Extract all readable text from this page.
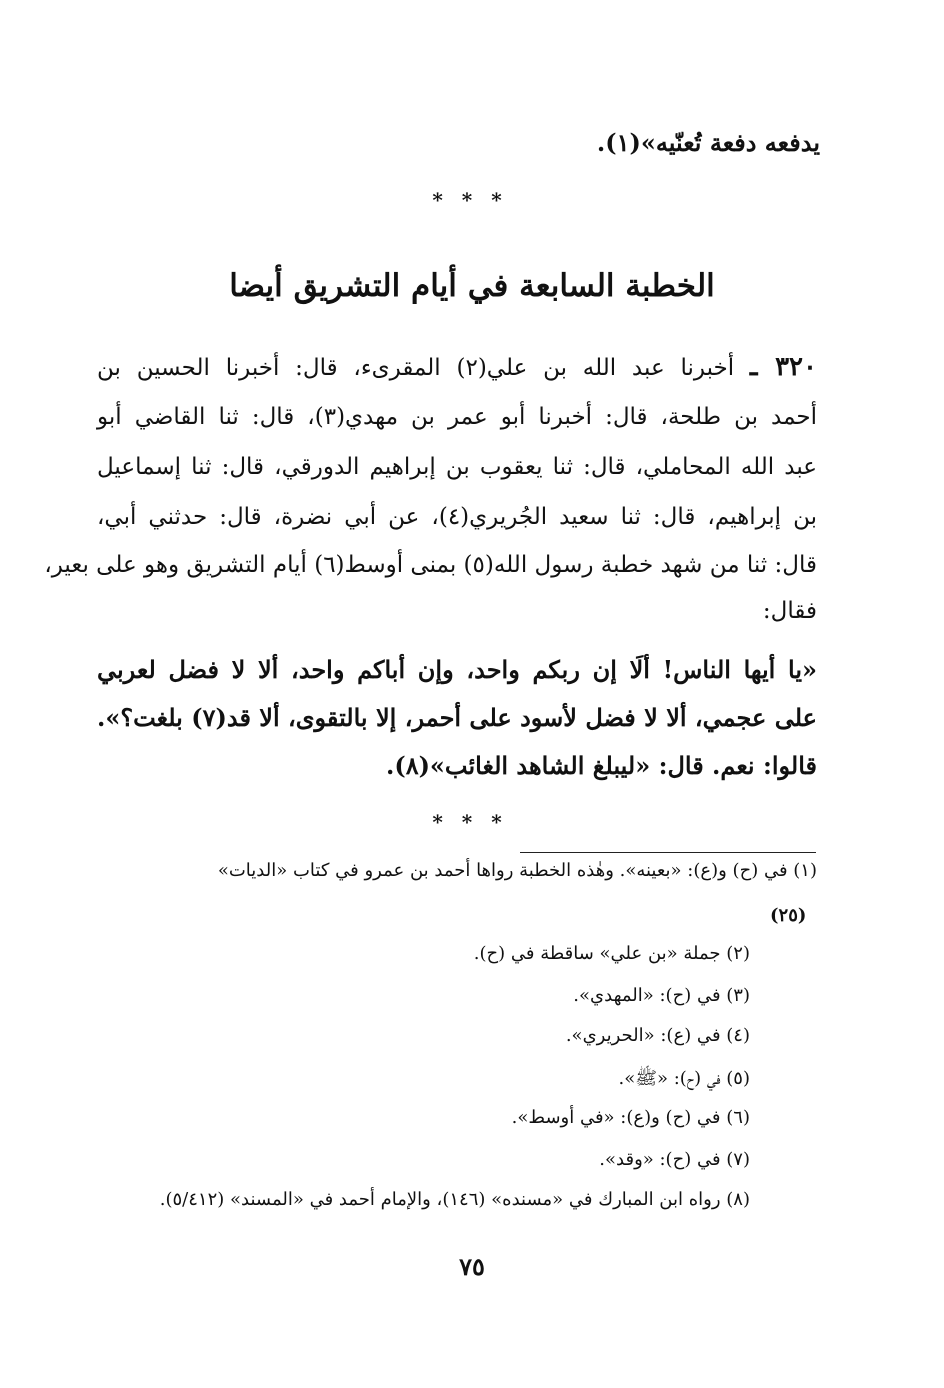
يدفعه دفعة تُعنّيه»(١).
* * *
الخطبة السابعة في أيام التشريق أيضا
٣٢٠ ـ أخبرنا عبد الله بن علي(٢) المقرىء، قال: أخبرنا الحسين بن
أحمد بن طلحة، قال: أخبرنا أبو عمر بن مهدي(٣)، قال: ثنا القاضي أبو
عبد الله المحاملي، قال: ثنا يعقوب بن إبراهيم الدورقي، قال: ثنا إسماعيل
بن إبراهيم، قال: ثنا سعيد الجُريري(٤)، عن أبي نضرة، قال: حدثني أبي،
قال: ثنا من شهد خطبة رسول الله(٥) بمنى أوسط(٦) أيام التشريق وهو على بعير،
فقال:
«يا أيها الناس! ألَا إن ربكم واحد، وإن أباكم واحد، ألا لا فضل لعربي
على عجمي، ألا لا فضل لأسود على أحمر، إلا بالتقوى، ألا قد(٧) بلغت؟».
قالوا: نعم. قال: «ليبلغ الشاهد الغائب»(٨).
* * *
(١) في (ح) و(ع): «بعينه». وهٰذه الخطبة رواها أحمد بن عمرو في كتاب «الديات»
(٢٥)
(٢) جملة «بن علي» ساقطة في (ح).
(٣) في (ح): «المهدي».
(٤) في (ع): «الحريري».
(٥) في (ح): «ﷺ».
(٦) في (ح) و(ع): «في أوسط».
(٧) في (ح): «وقد».
(٨) رواه ابن المبارك في «مسنده» (١٤٦)، والإمام أحمد في «المسند» (٥/٤١٢).
٧٥
